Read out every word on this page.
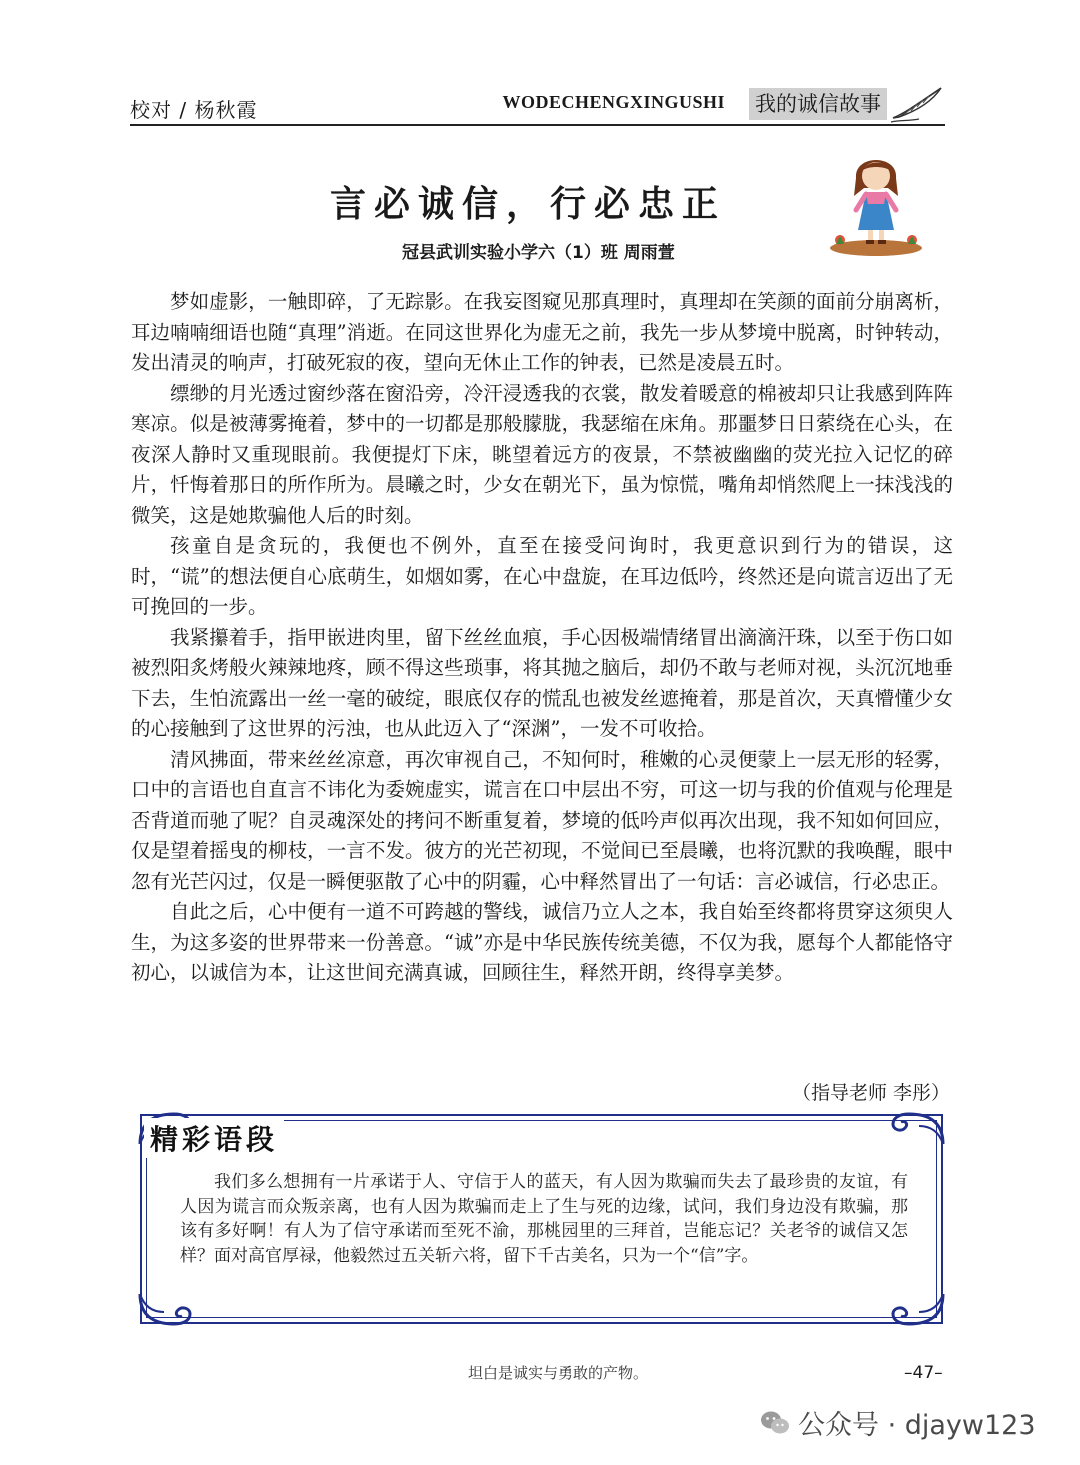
校对 / 杨秋霞	WODECHENGXINGUSHI 我的诚信故事
言必诚信，行必忠正
冠县武训实验小学六（1）班 周雨萱

梦如虚影，一触即碎，了无踪影。在我妄图窥见那真理时，真理却在笑颜的面前分崩离析，耳边喃喃细语也随“真理”消逝。在同这世界化为虚无之前，我先一步从梦境中脱离，时钟转动，发出清灵的响声，打破死寂的夜，望向无休止工作的钟表，已然是凌晨五时。

缥缈的月光透过窗纱落在窗沿旁，冷汗浸透我的衣裳，散发着暖意的棉被却只让我感到阵阵寒凉。似是被薄雾掩着，梦中的一切都是那般朦胧，我瑟缩在床角。那噩梦日日萦绕在心头，在夜深人静时又重现眼前。我便提灯下床，眺望着远方的夜景，不禁被幽幽的荧光拉入记忆的碎片，忏悔着那日的所作所为。晨曦之时，少女在朝光下，虽为惊慌，嘴角却悄然爬上一抹浅浅的微笑，这是她欺骗他人后的时刻。

孩童自是贪玩的，我便也不例外，直至在接受问询时，我更意识到行为的错误，这时，“谎”的想法便自心底萌生，如烟如雾，在心中盘旋，在耳边低吟，终然还是向谎言迈出了无可挽回的一步。

我紧攥着手，指甲嵌进肉里，留下丝丝血痕，手心因极端情绪冒出滴滴汗珠，以至于伤口如被烈阳炙烤般火辣辣地疼，顾不得这些琐事，将其抛之脑后，却仍不敢与老师对视，头沉沉地垂下去，生怕流露出一丝一毫的破绽，眼底仅存的慌乱也被发丝遮掩着，那是首次，天真懵懂少女的心接触到了这世界的污浊，也从此迈入了“深渊”，一发不可收拾。

清风拂面，带来丝丝凉意，再次审视自己，不知何时，稚嫩的心灵便蒙上一层无形的轻雾，口中的言语也自直言不讳化为委婉虚实，谎言在口中层出不穷，可这一切与我的价值观与伦理是否背道而驰了呢？自灵魂深处的拷问不断重复着，梦境的低吟声似再次出现，我不知如何回应，仅是望着摇曳的柳枝，一言不发。彼方的光芒初现，不觉间已至晨曦，也将沉默的我唤醒，眼中忽有光芒闪过，仅是一瞬便驱散了心中的阴霾，心中释然冒出了一句话：言必诚信，行必忠正。

自此之后，心中便有一道不可跨越的警线，诚信乃立人之本，我自始至终都将贯穿这须臾人生，为这多姿的世界带来一份善意。“诚”亦是中华民族传统美德，不仅为我，愿每个人都能恪守初心，以诚信为本，让这世间充满真诚，回顾往生，释然开朗，终得享美梦。

（指导老师 李彤）
精彩语段
我们多么想拥有一片承诺于人、守信于人的蓝天，有人因为欺骗而失去了最珍贵的友谊，有人因为谎言而众叛亲离，也有人因为欺骗而走上了生与死的边缘，试问，我们身边没有欺骗，那该有多好啊！有人为了信守承诺而至死不渝，那桃园里的三拜首，岂能忘记？关老爷的诚信又怎样？面对高官厚禄，他毅然过五关斩六将，留下千古美名，只为一个“信”字。
坦白是诚实与勇敢的产物。	–47–
公众号 · djayw123
